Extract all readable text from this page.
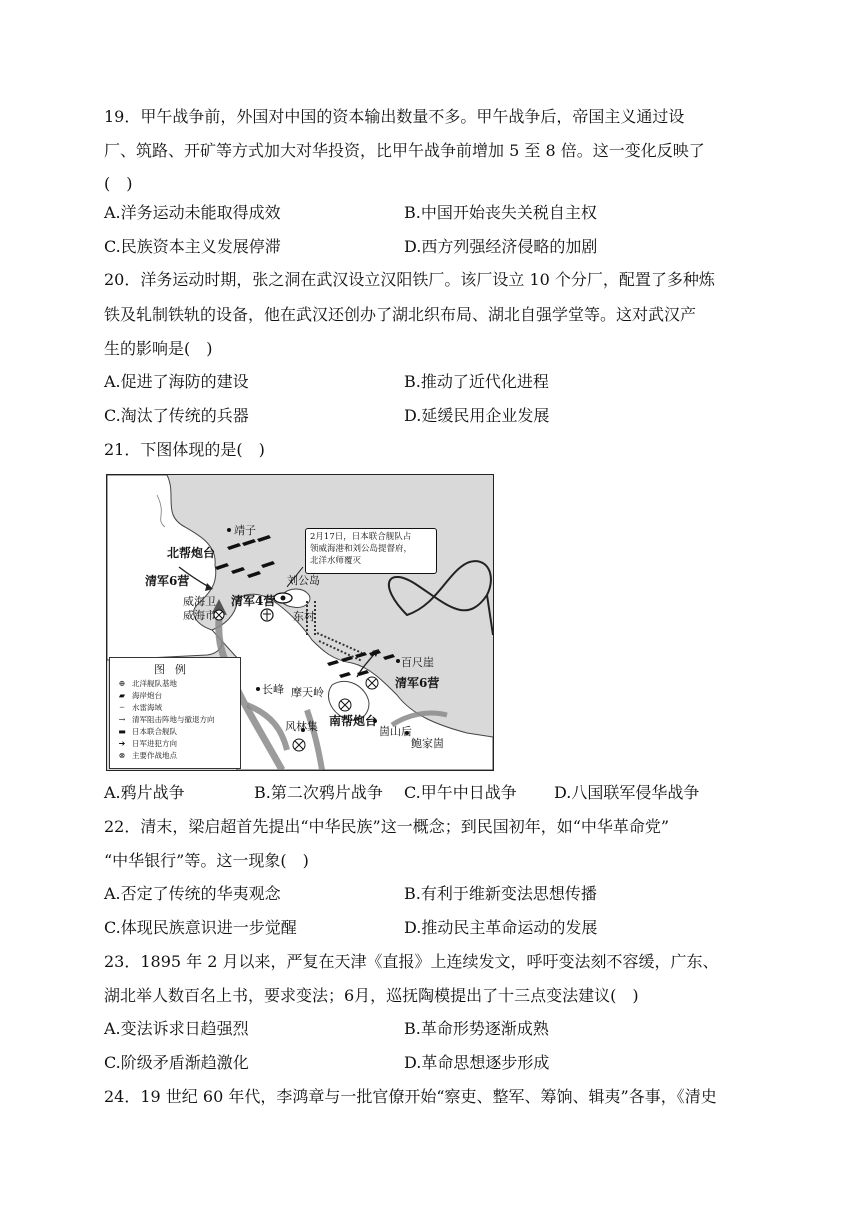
19．甲午战争前，外国对中国的资本输出数量不多。甲午战争后，帝国主义通过设
厂、筑路、开矿等方式加大对华投资，比甲午战争前增加 5 至 8 倍。这一变化反映了
(　)
A.洋务运动未能取得成效	B.中国开始丧失关税自主权
C.民族资本主义发展停滞	D.西方列强经济侵略的加剧
20．洋务运动时期，张之洞在武汉设立汉阳铁厂。该厂设立 10 个分厂，配置了多种炼
铁及轧制铁轨的设备，他在武汉还创办了湖北织布局、湖北自强学堂等。这对武汉产
生的影响是(　)
A.促进了海防的建设	B.推动了近代化进程
C.淘汰了传统的兵器	D.延缓民用企业发展
21．下图体现的是(　)
靖子
北帮炮台
清军6营
威海卫
威海市
清军4营
刘公岛
东村
百尺崖
清军6营
长峰 摩天岭
风林集 南帮炮台
崮山后
鲍家崮
2月17日，日本联合舰队占
领威海港和刘公岛提督府，
北洋水师覆灭
图例
⊕ 北洋舰队基地
▰ 海岸炮台
┈	水雷海域
→ 清军阻击阵地与撤退方向
▬ 日本联合舰队
➔ 日军进犯方向
⊗ 主要作战地点
A.鸦片战争	B.第二次鸦片战争 C.甲午中日战争 D.八国联军侵华战争
22．清末，梁启超首先提出“中华民族”这一概念；到民国初年，如“中华革命党”
“中华银行”等。这一现象(　)
A.否定了传统的华夷观念	B.有利于维新变法思想传播
C.体现民族意识进一步觉醒	D.推动民主革命运动的发展
23．1895 年 2 月以来，严复在天津《直报》上连续发文，呼吁变法刻不容缓，广东、
湖北举人数百名上书，要求变法；6月，巡抚陶模提出了十三点变法建议(　)
A.变法诉求日趋强烈	B.革命形势逐渐成熟
C.阶级矛盾渐趋激化	D.革命思想逐步形成
24．19 世纪 60 年代，李鸿章与一批官僚开始“察吏、整军、筹饷、辑夷”各事，《清史
